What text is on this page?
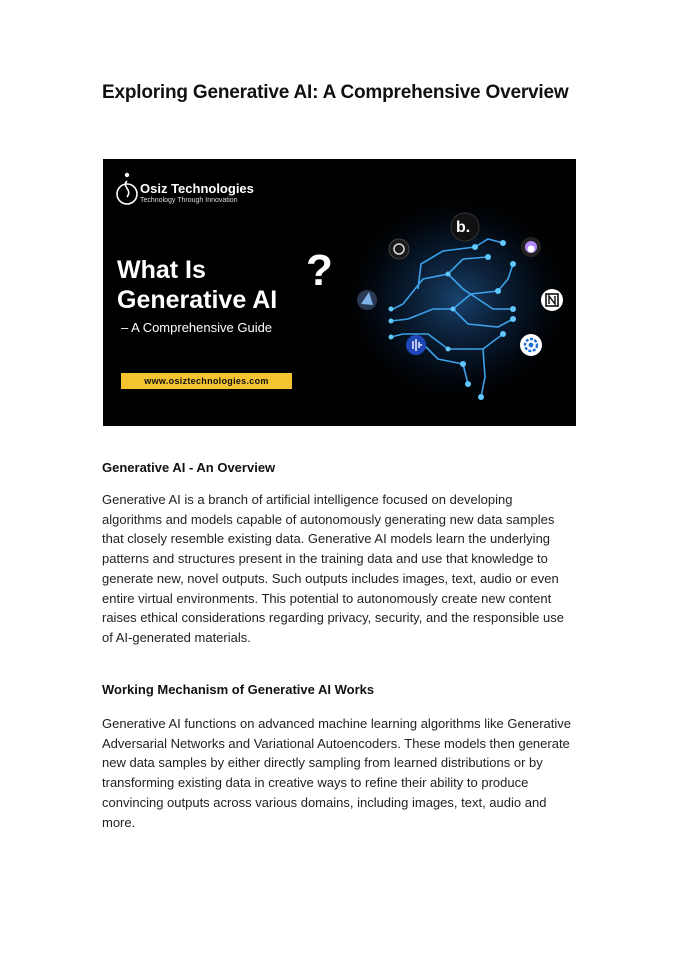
Exploring Generative AI: A Comprehensive Overview
b.
Osiz Technologies
Technology Through Innovation
What Is
Generative AI
?
– A Comprehensive Guide
www.osiztechnologies.com
Generative AI - An Overview
Generative AI is a branch of artificial intelligence focused on developing algorithms and models capable of autonomously generating new data samples that closely resemble existing data. Generative AI models learn the underlying patterns and structures present in the training data and use that knowledge to generate new, novel outputs. Such outputs includes images, text, audio or even entire virtual environments. This potential to autonomously create new content raises ethical considerations regarding privacy, security, and the responsible use of AI-generated materials.
Working Mechanism of Generative AI Works
Generative AI functions on advanced machine learning algorithms like Generative Adversarial Networks and Variational Autoencoders. These models then generate new data samples by either directly sampling from learned distributions or by transforming existing data in creative ways to refine their ability to produce convincing outputs across various domains, including images, text, audio and more.
